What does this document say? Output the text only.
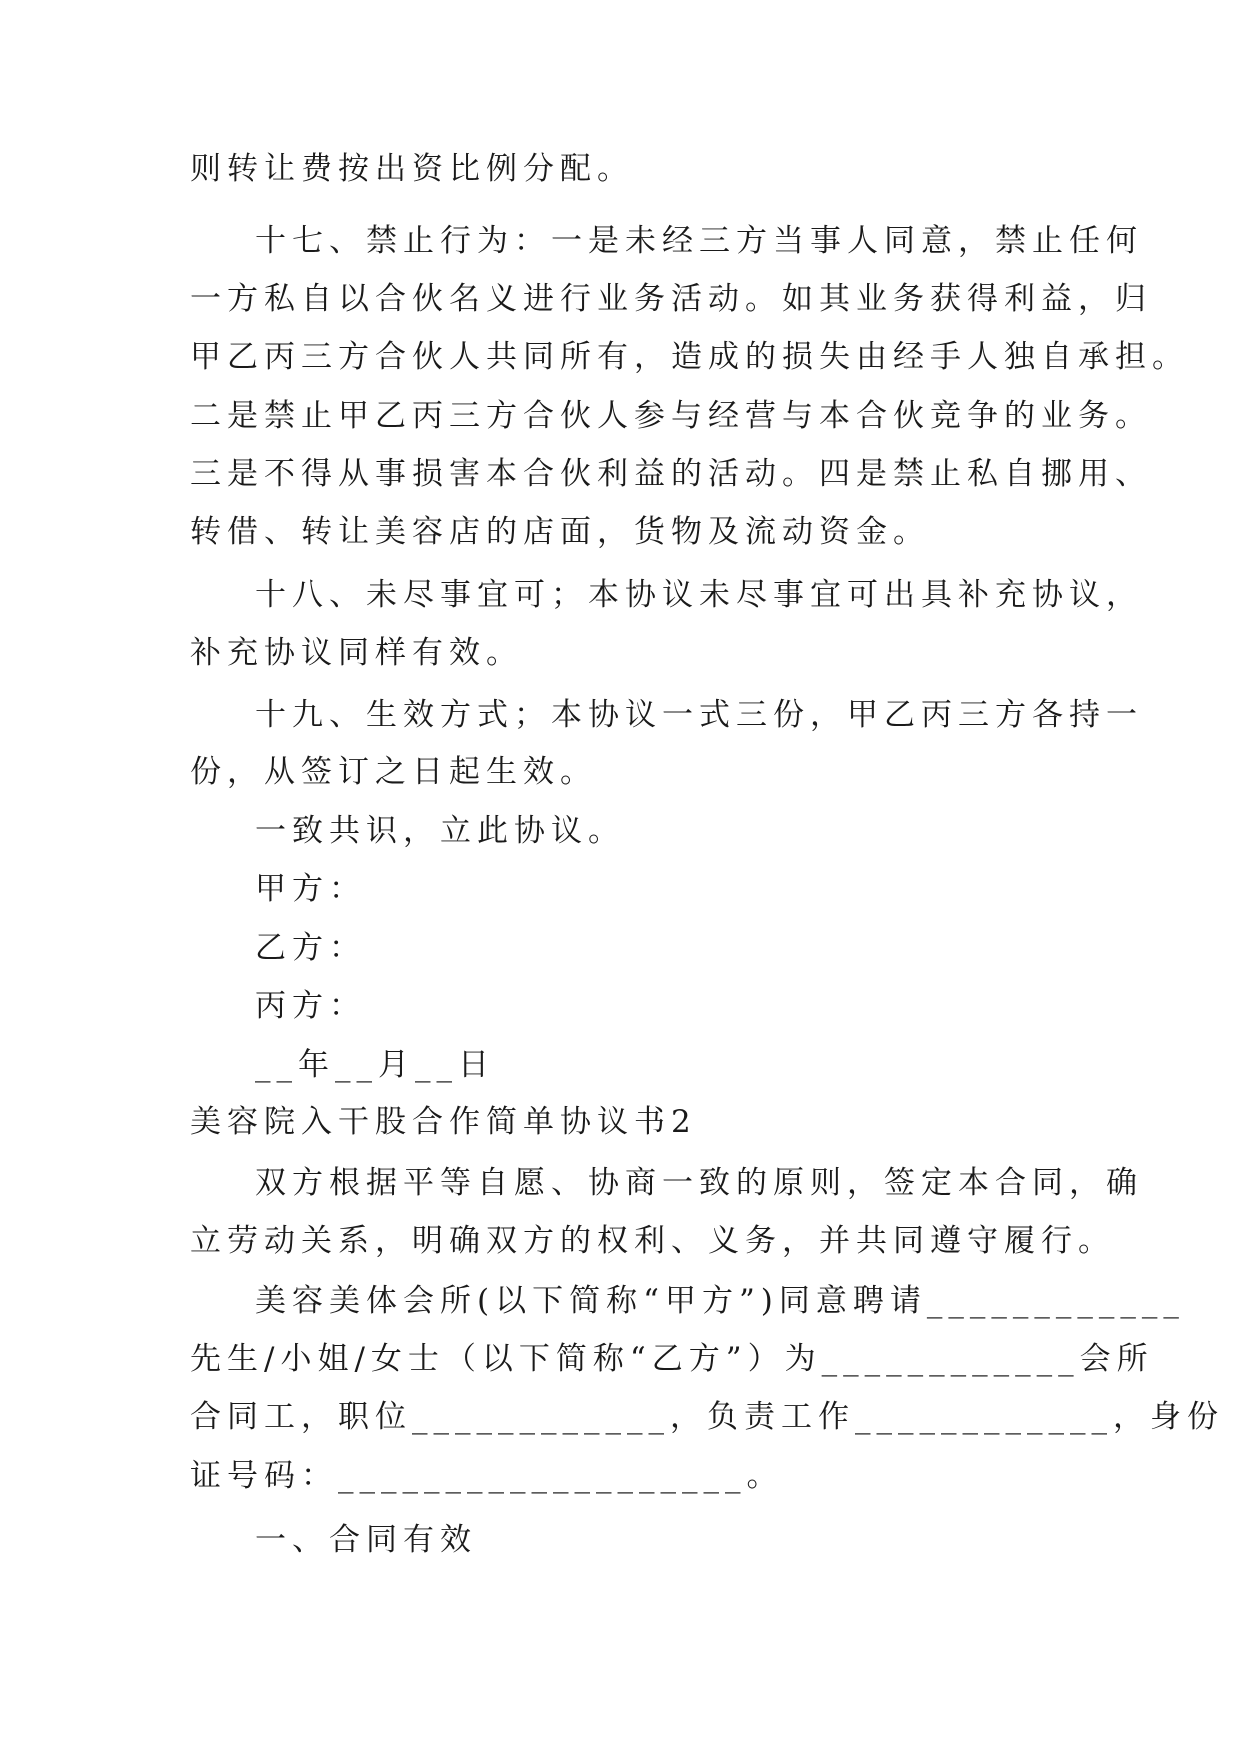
则转让费按出资比例分配。
十七、禁止行为：一是未经三方当事人同意，禁止任何
一方私自以合伙名义进行业务活动。如其业务获得利益，归
甲乙丙三方合伙人共同所有，造成的损失由经手人独自承担。
二是禁止甲乙丙三方合伙人参与经营与本合伙竞争的业务。
三是不得从事损害本合伙利益的活动。四是禁止私自挪用、
转借、转让美容店的店面，货物及流动资金。
十八、未尽事宜可；本协议未尽事宜可出具补充协议，
补充协议同样有效。
十九、生效方式；本协议一式三份，甲乙丙三方各持一
份，从签订之日起生效。
一致共识，立此协议。
甲方：
乙方：
丙方：
__年__月__日
美容院入干股合作简单协议书2
双方根据平等自愿、协商一致的原则，签定本合同，确
立劳动关系，明确双方的权利、义务，并共同遵守履行。
美容美体会所(以下简称“甲方”)同意聘请____________
先生/小姐/女士（以下简称“乙方”）为____________会所
合同工，职位____________，负责工作____________，身份
证号码：___________________。
一、合同有效
